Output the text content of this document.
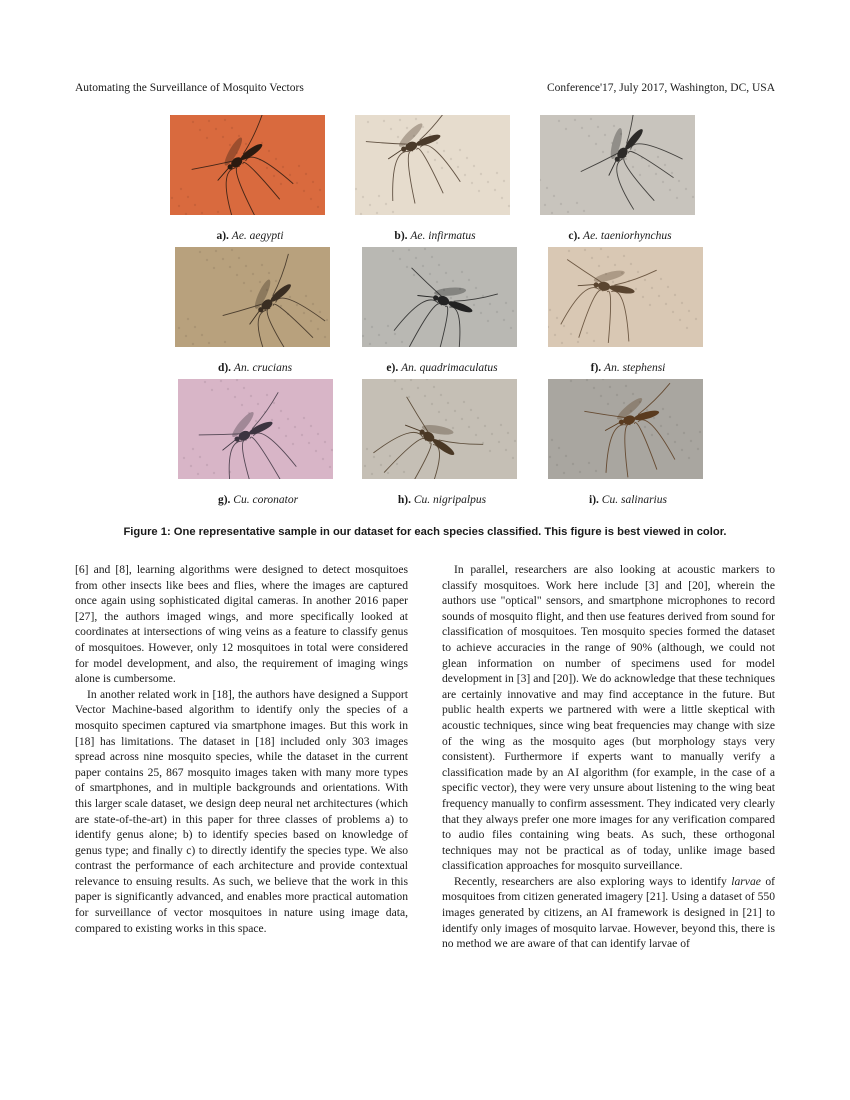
Automating the Surveillance of Mosquito Vectors	Conference'17, July 2017, Washington, DC, USA
a). Ae. aegypti	b). Ae. infirmatus	c). Ae. taeniorhynchus
d). An. crucians	e). An. quadrimaculatus	f). An. stephensi
g). Cu. coronator	h). Cu. nigripalpus	i). Cu. salinarius
Figure 1: One representative sample in our dataset for each species classified. This figure is best viewed in color.

[6] and [8], learning algorithms were designed to detect mosquitoes from other insects like bees and flies, where the images are captured once again using sophisticated digital cameras. In another 2016 paper [27], the authors imaged wings, and more specifically looked at coordinates at intersections of wing veins as a feature to classify genus of mosquitoes. However, only 12 mosquitoes in total were considered for model development, and also, the requirement of imaging wings alone is cumbersome.

In another related work in [18], the authors have designed a Support Vector Machine-based algorithm to identify only the species of a mosquito specimen captured via smartphone images. But this work in [18] has limitations. The dataset in [18] included only 303 images spread across nine mosquito species, while the dataset in the current paper contains 25, 867 mosquito images taken with many more types of smartphones, and in multiple backgrounds and orientations. With this larger scale dataset, we design deep neural net architectures (which are state-of-the-art) in this paper for three classes of problems a) to identify genus alone; b) to identify species based on knowledge of genus type; and finally c) to directly identify the species type. We also contrast the performance of each architecture and provide contextual relevance to ensuing results. As such, we believe that the work in this paper is significantly advanced, and enables more practical automation for surveillance of vector mosquitoes in nature using image data, compared to existing works in this space.

In parallel, researchers are also looking at acoustic markers to classify mosquitoes. Work here include [3] and [20], wherein the authors use "optical" sensors, and smartphone microphones to record sounds of mosquito flight, and then use features derived from sound for classification of mosquitoes. Ten mosquito species formed the dataset to achieve accuracies in the range of 90% (although, we could not glean information on number of specimens used for model development in [3] and [20]). We do acknowledge that these techniques are certainly innovative and may find acceptance in the future. But public health experts we partnered with were a little skeptical with acoustic techniques, since wing beat frequencies may change with size of the wing as the mosquito ages (but morphology stays very consistent). Furthermore if experts want to manually verify a classification made by an AI algorithm (for example, in the case of a specific vector), they were very unsure about listening to the wing beat frequency manually to confirm assessment. They indicated very clearly that they always prefer one more images for any verification compared to audio files containing wing beats. As such, these orthogonal techniques may not be practical as of today, unlike image based classification approaches for mosquito surveillance.

Recently, researchers are also exploring ways to identify larvae of mosquitoes from citizen generated imagery [21]. Using a dataset of 550 images generated by citizens, an AI framework is designed in [21] to identify only images of mosquito larvae. However, beyond this, there is no method we are aware of that can identify larvae of
